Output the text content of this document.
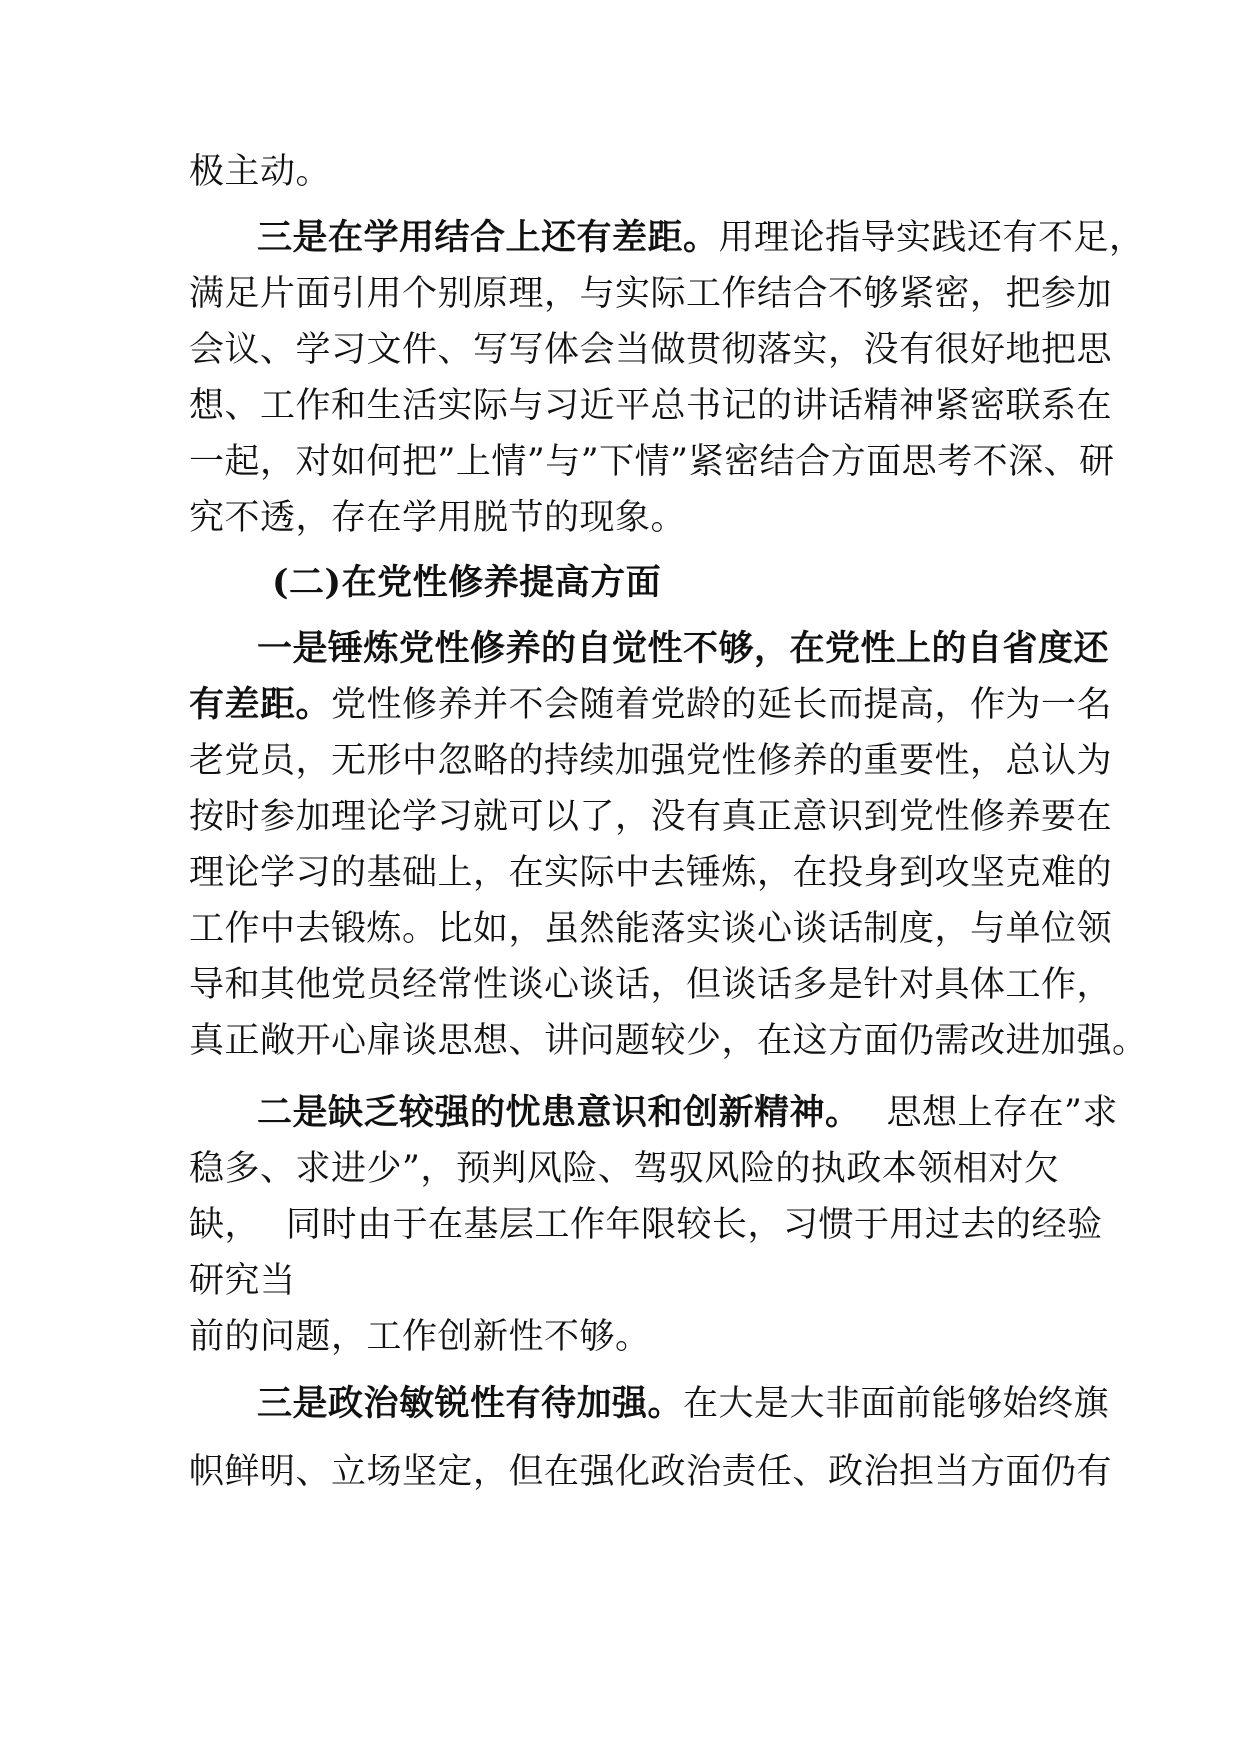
极主动。
三是在学用结合上还有差距。用理论指导实践还有不足，
满足片面引用个别原理，与实际工作结合不够紧密，把参加
会议、学习文件、写写体会当做贯彻落实，没有很好地把思
想、工作和生活实际与习近平总书记的讲话精神紧密联系在
一起，对如何把”上情”与”下情”紧密结合方面思考不深、研
究不透，存在学用脱节的现象。
(二)在党性修养提高方面
一是锤炼党性修养的自觉性不够，在党性上的自省度还
有差距。党性修养并不会随着党龄的延长而提高，作为一名
老党员，无形中忽略的持续加强党性修养的重要性，总认为
按时参加理论学习就可以了，没有真正意识到党性修养要在
理论学习的基础上，在实际中去锤炼，在投身到攻坚克难的
工作中去锻炼。比如，虽然能落实谈心谈话制度，与单位领
导和其他党员经常性谈心谈话，但谈话多是针对具体工作，
真正敞开心扉谈思想、讲问题较少，在这方面仍需改进加强。
二是缺乏较强的忧患意识和创新精神。 思想上存在”求
稳多、求进少”，预判风险、驾驭风险的执政本领相对欠
缺， 同时由于在基层工作年限较长，习惯于用过去的经验
研究当
前的问题，工作创新性不够。
三是政治敏锐性有待加强。在大是大非面前能够始终旗
帜鲜明、立场坚定，但在强化政治责任、政治担当方面仍有
